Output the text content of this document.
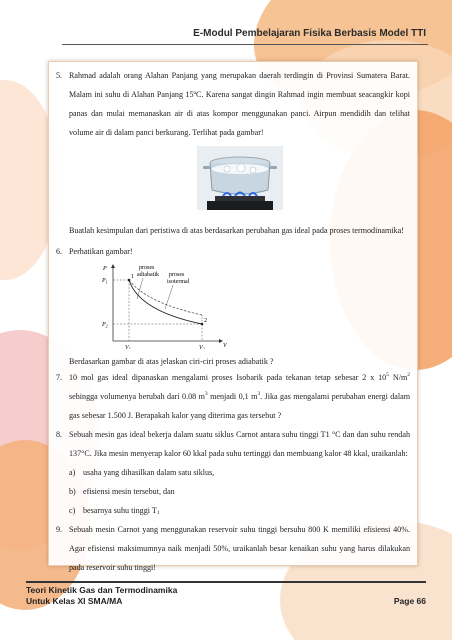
E-Modul Pembelajaran Fisika Berbasis Model TTI
5. Rahmad adalah orang Alahan Panjang yang merupakan daerah terdingin di Provinsi Sumatera Barat. Malam ini suhu di Alahan Panjang 15ºC. Karena sangat dingin Rahmad ingin membuat seacangkir kopi panas dan mulai memanaskan air di atas kompor menggunakan panci. Airpun mendidih dan telihat volume air di dalam panci berkurang. Terlihat pada gambar!

Buatlah kesimpulan dari peristiwa di atas berdasarkan perubahan gas ideal pada proses termodinamika!

6. Perhatikan gambar!

P
V
$P_1$
$P_2$
$V_1$	$V_2$
1
2
proses
adiabatik proses
isotermal

Berdasarkan gambar di atas jelaskan ciri-ciri proses adiabatik ?

7. 10 mol gas ideal dipanaskan mengalami proses Isobarik pada tekanan tetap sebesar 2 x $10^5$ $N/m^2$ sehingga volumenya berubah dari 0.08 $m^3$ menjadi 0,1 $m^3$. Jika gas mengalami perubahan energi dalam gas sebesar 1.500 J. Berapakah kalor yang diterima gas tersebut ?

8. Sebuah mesin gas ideal bekerja dalam suatu siklus Carnot antara suhu tinggi T1 °C dan dan suhu rendah 137°C. Jika mesin menyerap kalor 60 kkal pada suhu tertinggi dan membuang kalor 48 kkal, uraikanlah:

a) usaha yang dihasilkan dalam satu siklus,
b) efisiensi mesin tersebut, dan
c) besarnya suhu tinggi $T_1$
9. Sebuah mesin Carnot yang menggunakan reservoir suhu tinggi bersuhu 800 K memiliki efisiensi 40%. Agar efisiensi maksimumnya naik menjadi 50%, uraikanlah besar kenaikan suhu yang harus dilakukan pada reservoir suhu tinggi!

Teori Kinetik Gas dan Termodinamika
Untuk Kelas XI SMA/MA	Page 66
